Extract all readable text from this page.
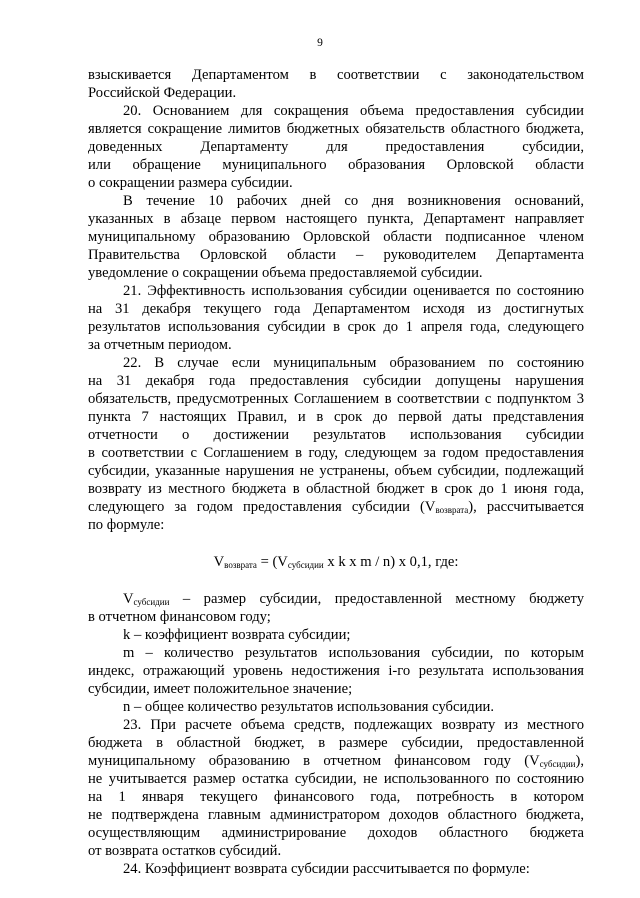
9
взыскивается Департаментом в соответствии с законодательством
Российской Федерации.
20. Основанием для сокращения объема предоставления субсидии
является сокращение лимитов бюджетных обязательств областного бюджета,
доведенных Департаменту для предоставления субсидии,
или обращение муниципального образования Орловской области
о сокращении размера субсидии.
В течение 10 рабочих дней со дня возникновения оснований,
указанных в абзаце первом настоящего пункта, Департамент направляет
муниципальному образованию Орловской области подписанное членом
Правительства Орловской области – руководителем Департамента
уведомление о сокращении объема предоставляемой субсидии.
21. Эффективность использования субсидии оценивается по состоянию
на 31 декабря текущего года Департаментом исходя из достигнутых
результатов использования субсидии в срок до 1 апреля года, следующего
за отчетным периодом.
22. В случае если муниципальным образованием по состоянию
на 31 декабря года предоставления субсидии допущены нарушения
обязательств, предусмотренных Соглашением в соответствии с подпунктом 3
пункта 7 настоящих Правил, и в срок до первой даты представления
отчетности о достижении результатов использования субсидии
в соответствии с Соглашением в году, следующем за годом предоставления
субсидии, указанные нарушения не устранены, объем субсидии, подлежащий
возврату из местного бюджета в областной бюджет в срок до 1 июня года,
следующего за годом предоставления субсидии $(V_{возврата})$, рассчитывается
по формуле:
$V_{возврата} = (V_{субсидии}$ x k x m / n) x 0,1, где:
$V_{субсидии}$ – размер субсидии, предоставленной местному бюджету
в отчетном финансовом году;
k – коэффициент возврата субсидии;
m – количество результатов использования субсидии, по которым
индекс, отражающий уровень недостижения i-го результата использования
субсидии, имеет положительное значение;
n – общее количество результатов использования субсидии.
23. При расчете объема средств, подлежащих возврату из местного
бюджета в областной бюджет, в размере субсидии, предоставленной
муниципальному образованию в отчетном финансовом году $(V_{субсидии})$,
не учитывается размер остатка субсидии, не использованного по состоянию
на 1 января текущего финансового года, потребность в котором
не подтверждена главным администратором доходов областного бюджета,
осуществляющим администрирование доходов областного бюджета
от возврата остатков субсидий.
24. Коэффициент возврата субсидии рассчитывается по формуле:
